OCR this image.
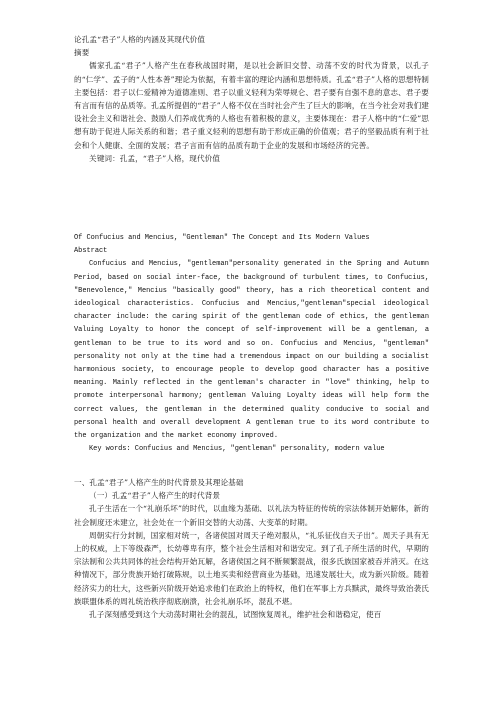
论孔孟“君子”人格的内涵及其现代价值

摘要

儒家孔孟“君子”人格产生在春秋战国时期，是以社会新旧交替、动荡不安的时代为背景，以孔子的“仁学”、孟子的“人性本善”理论为依据，有着丰富的理论内涵和思想特质。孔孟“君子”人格的思想特制主要包括：君子以仁爱精神为道德准则、君子以重义轻利为荣辱规仑、君子要有自强不息的意志、君子要有言而有信的品质等。孔孟所提倡的“君子”人格不仅在当时社会产生了巨大的影响，在当今社会对我们建设社会主义和谐社会、鼓励人们养成优秀的人格也有着积极的意义，主要体现在：君子人格中的“仁爱”思想有助于促进人际关系的和谐；君子重义轻利的思想有助于形成正确的价值观；君子的坚毅品质有利于社会和个人健康、全面的发展；君子言而有信的品质有助于企业的发展和市场经济的完善。

关键词：孔孟，“君子”人格，现代价值

Of Confucius and Mencius, "Gentleman" The Concept and Its Modern Values

Abstract

Confucius and Mencius, "gentleman"personality generated in the Spring and Autumn Period, based on social inter-face, the background of turbulent times, to Confucius, "Benevolence," Mencius "basically good" theory, has a rich theoretical content and ideological characteristics. Confucius and Mencius,"gentleman"special ideological character include: the caring spirit of the gentleman code of ethics, the gentleman Valuing Loyalty to honor the concept of self-improvement will be a gentleman, a gentleman to be true to its word and so on. Confucius and Mencius, "gentleman" personality not only at the time had a tremendous impact on our building a socialist harmonious society, to encourage people to develop good character has a positive meaning. Mainly reflected in the gentleman's character in "love" thinking, help to promote interpersonal harmony; gentleman Valuing Loyalty ideas will help form the correct values, the gentleman in the determined quality conducive to social and personal health and overall development A gentleman true to its word contribute to the organization and the market economy improved.

Key words: Confucius and Mencius, "gentleman" personality, modern value

一、孔孟“君子”人格产生的时代背景及其理论基础

（一）孔孟“君子”人格产生的时代背景

孔子生活在一个“礼崩乐坏”的时代，以血缘为基础、以礼法为特征的传统的宗法体制开始解体，新的社会制度还未建立，社会处在一个新旧交替的大动荡、大变革的时期。

周朝实行分封制，国家相对统一，各诸侯国对周天子绝对服从，“礼乐征伐自天子出”。周天子具有无上的权威，上下等级森严，长幼尊卑有序，整个社会生活相对和谐安定。到了孔子所生活的时代，早期的宗法制和公共共同体的社会结构开始瓦解，各诸侯国之间不断频繁混战，很多氏族国家被吞并消灭。在这种情况下，部分贵族开始打破陈规，以土地买卖和经营商业为基础，迅速发展壮大，成为新兴阶级。随着经济实力的壮大，这些新兴阶级开始追求他们在政治上的特权，他们在军事上方兵黩武，最终导致治袭氏族联盟体系的周礼统治秩序彻底崩溃，社会礼崩乐坏，混乱不堪。

孔子深刻感受到这个大动荡时期社会的混乱，试图恢复周礼，维护社会和谐稳定，使百
